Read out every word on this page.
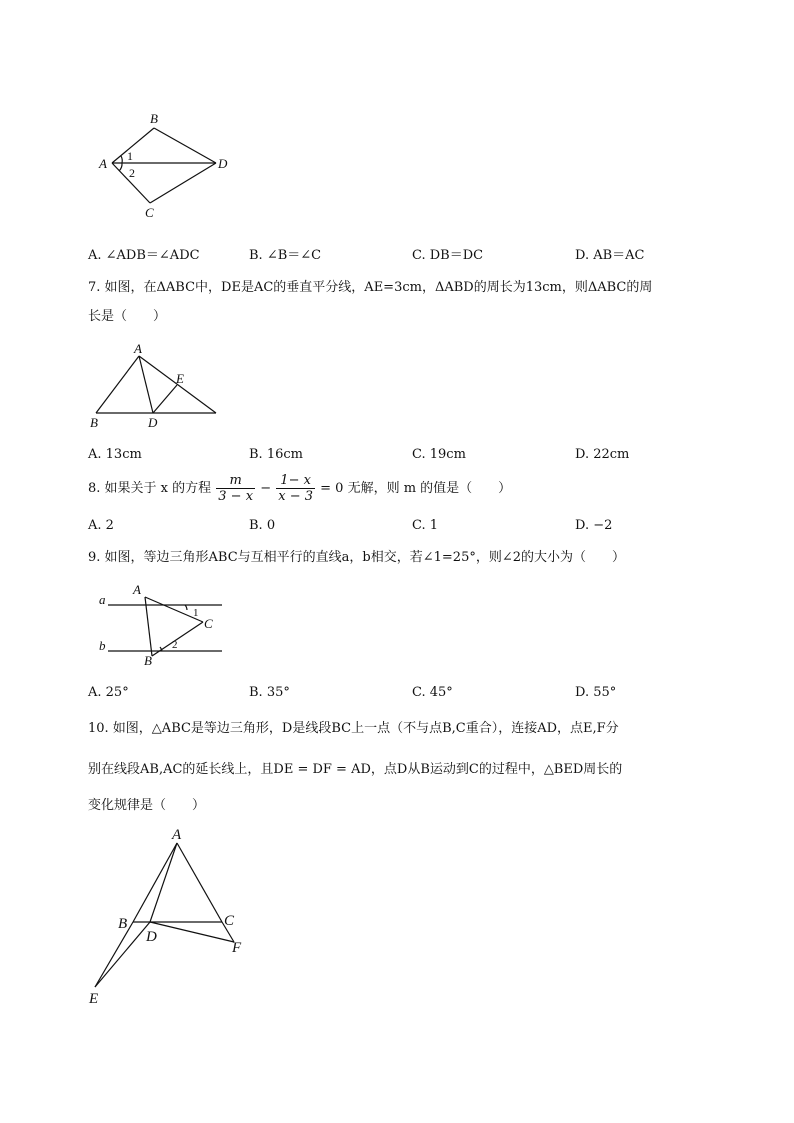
B
A	D
C
1
2
A. ∠ADB＝∠ADC	B. ∠B＝∠C	C. DB＝DC	D. AB＝AC
7. 如图，在ΔABC中，DE是AC的垂直平分线，AE=3cm，ΔABD的周长为13cm，则ΔABC的周
长是（　　）
A
E
B	D
A. 13cm	B. 16cm	C. 19cm	D. 22cm
8. 如果关于 x 的方程 $\frac{m}{3 - x} - \frac{1- x}{x - 3} = 0$ 无解，则 m 的值是（　　）
A. 2	B. 0	C. 1	D. −2
9. 如图，等边三角形ABC与互相平行的直线a，b相交，若∠1=25°，则∠2的大小为（　　）
a
b
A
C
B
1
2
A. 25°	B. 35°	C. 45°	D. 55°
10. 如图，△ABC是等边三角形，D是线段BC上一点（不与点B,C重合），连接AD，点E,F分
别在线段AB,AC的延长线上，且DE = DF = AD，点D从B运动到C的过程中，△BED周长的
变化规律是（　　）
A
B	C
D
F
E
